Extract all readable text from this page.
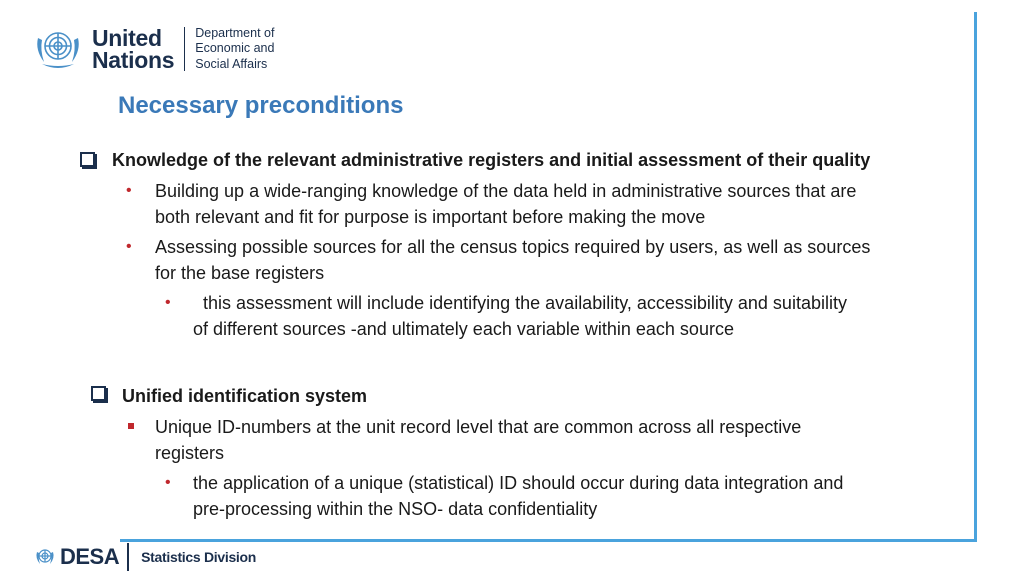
United
Nations
Department of
Economic and
Social Affairs
Necessary preconditions
Knowledge of the relevant administrative registers and initial assessment of their quality
• Building up a wide-ranging knowledge of the data held in administrative sources that are
both relevant and fit for purpose is important before making the move
• Assessing possible sources for all the census topics required by users, as well as sources
for the base registers
• this assessment will include identifying the availability, accessibility and suitability
of different sources -and ultimately each variable within each source
Unified identification system
Unique ID-numbers at the unit record level that are common across all respective
registers
• the application of a unique (statistical) ID should occur during data integration and
pre-processing within the NSO- data confidentiality
DESA Statistics Division
